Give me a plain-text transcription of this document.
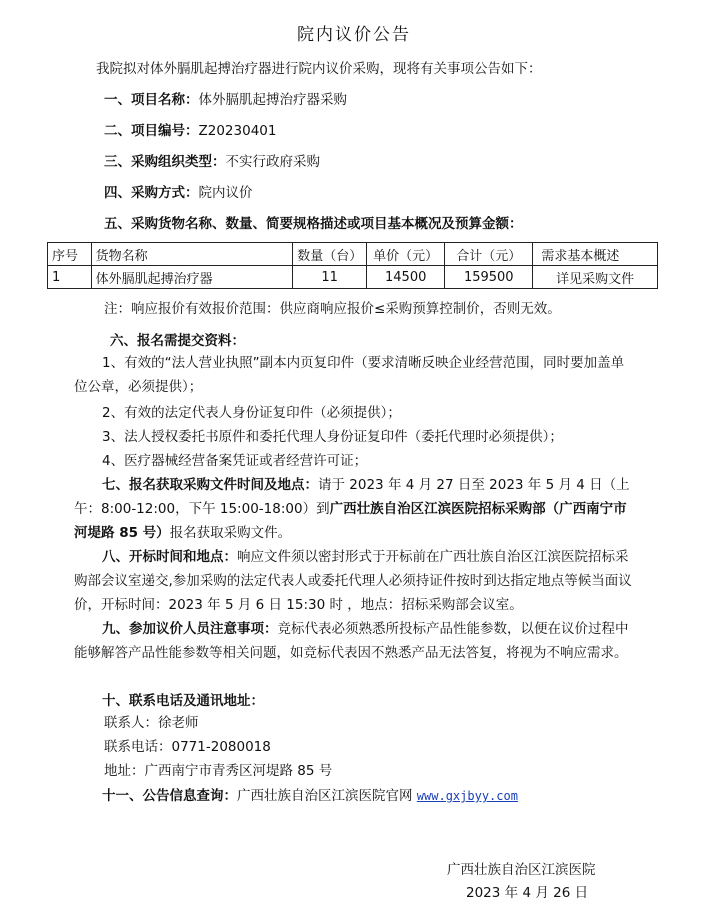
院内议价公告
我院拟对体外膈肌起搏治疗器进行院内议价采购，现将有关事项公告如下：
一、项目名称：体外膈肌起搏治疗器采购
二、项目编号：Z20230401
三、采购组织类型：不实行政府采购
四、采购方式：院内议价
五、采购货物名称、数量、简要规格描述或项目基本概况及预算金额：
序号	货物名称	数量（台）	单价（元）	合计（元）	需求基本概述
1	体外膈肌起搏治疗器	11	14500	159500	详见采购文件
注：响应报价有效报价范围：供应商响应报价≤采购预算控制价，否则无效。
六、报名需提交资料：
1、有效的“法人营业执照”副本内页复印件（要求清晰反映企业经营范围，同时要加盖单位公章，必须提供）；
2、有效的法定代表人身份证复印件（必须提供）；
3、法人授权委托书原件和委托代理人身份证复印件（委托代理时必须提供）；
4、医疗器械经营备案凭证或者经营许可证；
七、报名获取采购文件时间及地点：请于 2023 年 4 月 27 日至 2023 年 5 月 4 日（上午：8:00-12:00，下午 15:00-18:00）到广西壮族自治区江滨医院招标采购部（广西南宁市河堤路 85 号）报名获取采购文件。
八、开标时间和地点：响应文件须以密封形式于开标前在广西壮族自治区江滨医院招标采购部会议室递交,参加采购的法定代表人或委托代理人必须持证件按时到达指定地点等候当面议价，开标时间：2023 年 5 月 6 日 15:30 时 ，地点：招标采购部会议室。
九、参加议价人员注意事项：竞标代表必须熟悉所投标产品性能参数，以便在议价过程中能够解答产品性能参数等相关问题，如竞标代表因不熟悉产品无法答复，将视为不响应需求。
十、联系电话及通讯地址：
联系人：徐老师
联系电话：0771-2080018
地址：广西南宁市青秀区河堤路 85 号
十一、公告信息查询：广西壮族自治区江滨医院官网 www.gxjbyy.com
广西壮族自治区江滨医院
2023 年 4 月 26 日
